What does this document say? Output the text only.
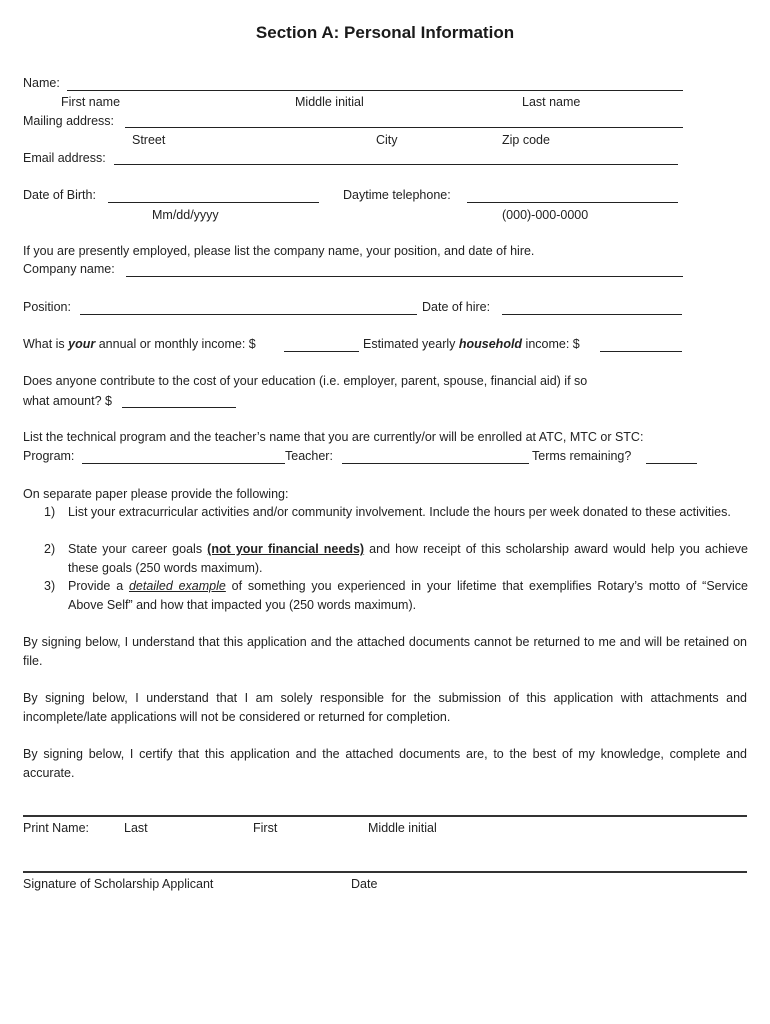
Section A: Personal Information
Name:
First name	Middle initial	Last name
Mailing address:
Street	City	Zip code
Email address:
Date of Birth:
Mm/dd/yyyy
Daytime telephone:
(000)-000-0000
If you are presently employed, please list the company name, your position, and date of hire.
Company name:
Position:	Date of hire:
What is your annual or monthly income: $	Estimated yearly household income: $
Does anyone contribute to the cost of your education (i.e. employer, parent, spouse, financial aid) if so
what amount? $
List the technical program and the teacher’s name that you are currently/or will be enrolled at ATC, MTC or STC:
Program:	Teacher:	Terms remaining?
On separate paper please provide the following:
1)	List your extracurricular activities and/or community involvement. Include the hours per week donated to these activities.
2)	State your career goals (not your financial needs) and how receipt of this scholarship award would help you achieve these goals (250 words maximum).
3)	Provide a detailed example of something you experienced in your lifetime that exemplifies Rotary’s motto of “Service Above Self” and how that impacted you (250 words maximum).
By signing below, I understand that this application and the attached documents cannot be returned to me and will be retained on file.
By signing below, I understand that I am solely responsible for the submission of this application with attachments and incomplete/late applications will not be considered or returned for completion.
By signing below, I certify that this application and the attached documents are, to the best of my knowledge, complete and accurate.
Print Name:	Last	First	Middle initial
Signature of Scholarship Applicant	Date
